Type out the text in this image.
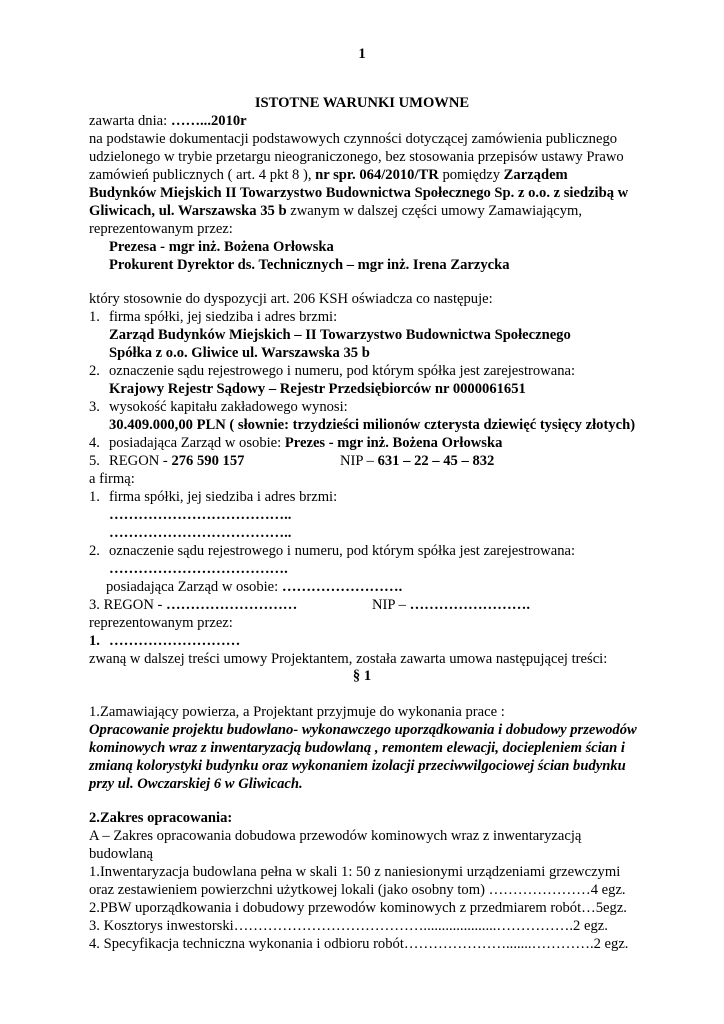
1
ISTOTNE WARUNKI UMOWNE
zawarta dnia: ……...2010r
na podstawie dokumentacji podstawowych czynności dotyczącej zamówienia publicznego
udzielonego w trybie przetargu nieograniczonego, bez stosowania przepisów ustawy Prawo
zamówień publicznych ( art. 4 pkt 8 ), nr spr. 064/2010/TR pomiędzy Zarządem
Budynków Miejskich II Towarzystwo Budownictwa Społecznego Sp. z o.o. z siedzibą w
Gliwicach, ul. Warszawska 35 b zwanym w dalszej części umowy Zamawiającym,
reprezentowanym przez:
Prezesa - mgr inż. Bożena Orłowska
Prokurent Dyrektor ds. Technicznych – mgr inż. Irena Zarzycka
który stosownie do dyspozycji art. 206 KSH oświadcza co następuje:
1. firma spółki, jej siedziba i adres brzmi:
Zarząd Budynków Miejskich – II Towarzystwo Budownictwa Społecznego
Spółka z o.o. Gliwice ul. Warszawska 35 b
2. oznaczenie sądu rejestrowego i numeru, pod którym spółka jest zarejestrowana:
Krajowy Rejestr Sądowy – Rejestr Przedsiębiorców nr 0000061651
3. wysokość kapitału zakładowego wynosi:
30.409.000,00 PLN ( słownie: trzydzieści milionów czterysta dziewięć tysięcy złotych)
4. posiadająca Zarząd w osobie: Prezes - mgr inż. Bożena Orłowska
5. REGON - 276 590 157	NIP – 631 – 22 – 45 – 832
a firmą:
1. firma spółki, jej siedziba i adres brzmi:
………………………………..
………………………………..
2. oznaczenie sądu rejestrowego i numeru, pod którym spółka jest zarejestrowana:
……………………………….
posiadająca Zarząd w osobie: …………………….
3. REGON - ………………………	NIP – …………………….
reprezentowanym przez:
1. ………………………
zwaną w dalszej treści umowy Projektantem, została zawarta umowa następującej treści:
§ 1
1.Zamawiający powierza, a Projektant przyjmuje do wykonania prace :
Opracowanie projektu budowlano- wykonawczego uporządkowania i dobudowy przewodów
kominowych wraz z inwentaryzacją budowlaną , remontem elewacji, dociepleniem ścian i
zmianą kolorystyki budynku oraz wykonaniem izolacji przeciwwilgociowej ścian budynku
przy ul. Owczarskiej 6 w Gliwicach.
2.Zakres opracowania:
A – Zakres opracowania dobudowa przewodów kominowych wraz z inwentaryzacją
budowlaną
1.Inwentaryzacja budowlana pełna w skali 1: 50 z naniesionymi urządzeniami grzewczymi
oraz zestawieniem powierzchni użytkowej lokali (jako osobny tom) …………………4 egz.
2.PBW uporządkowania i dobudowy przewodów kominowych z przedmiarem robót…5egz.
3. Kosztorys inwestorski…………………………………....................…………….2 egz.
4. Specyfikacja techniczna wykonania i odbioru robót………………….......………….2 egz.
